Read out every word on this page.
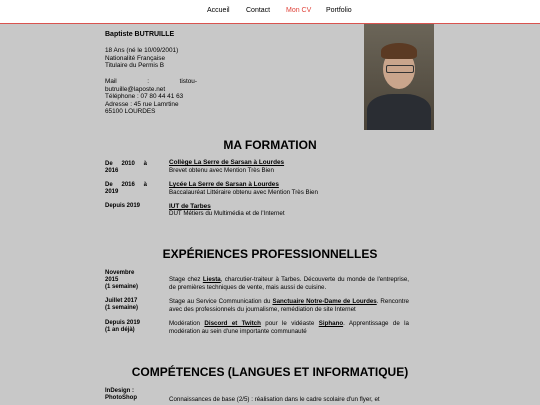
Accueil Contact Mon CV Portfolio
Baptiste BUTRUILLE
18 Ans (né le 10/09/2001)
Nationalité Française
Titulaire du Permis B
Mail : tistou-
butruille@laposte.net
Téléphone : 07 80 44 41 63
Adresse : 45 rue Lamrtine
65100 LOURDES
MA FORMATION
De 2010 à
2016
Collège La Serre de Sarsan à Lourdes
Brevet obtenu avec Mention Très Bien
De 2016 à
2019
Lycée La Serre de Sarsan à Lourdes
Baccalauréat Littéraire obtenu avec Mention Très Bien
Depuis 2019	IUT de Tarbes
DUT Métiers du Multimédia et de l'Internet
EXPÉRIENCES PROFESSIONNELLES
Novembre
2015
(1 semaine)
Stage chez Liesta, charcutier-traiteur à Tarbes. Découverte du monde de l'entreprise, de premières techniques de vente, mais aussi de cuisine.
Juillet 2017
(1 semaine)
Stage au Service Communication du Sanctuaire Notre-Dame de Lourdes. Rencontre avec des professionnels du journalisme, remédiation de site Internet
Depuis 2019
(1 an déjà)
Modération Discord et Twitch pour le vidéaste Siphano. Apprentissage de la modération au sein d'une importante communauté
COMPÉTENCES (LANGUES ET INFORMATIQUE)
InDesign :
PhotoShop	Connaissances de base (2/5) : réalisation dans le cadre scolaire d'un flyer, et
